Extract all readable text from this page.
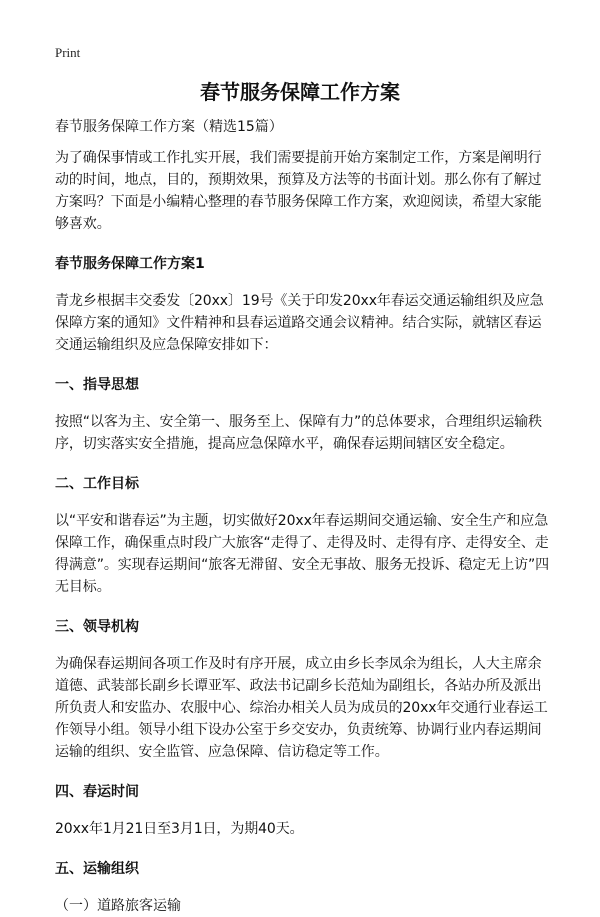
Print
春节服务保障工作方案

春节服务保障工作方案（精选15篇）

为了确保事情或工作扎实开展，我们需要提前开始方案制定工作，方案是阐明行动的时间，地点，目的，预期效果，预算及方法等的书面计划。那么你有了解过方案吗？下面是小编精心整理的春节服务保障工作方案，欢迎阅读，希望大家能够喜欢。

春节服务保障工作方案1

青龙乡根据丰交委发〔20xx〕19号《关于印发20xx年春运交通运输组织及应急保障方案的通知》文件精神和县春运道路交通会议精神。结合实际，就辖区春运交通运输组织及应急保障安排如下：

一、指导思想

按照“以客为主、安全第一、服务至上、保障有力”的总体要求，合理组织运输秩序，切实落实安全措施，提高应急保障水平，确保春运期间辖区安全稳定。

二、工作目标

以“平安和谐春运”为主题，切实做好20xx年春运期间交通运输、安全生产和应急保障工作，确保重点时段广大旅客“走得了、走得及时、走得有序、走得安全、走得满意”。实现春运期间“旅客无滞留、安全无事故、服务无投诉、稳定无上访”四无目标。

三、领导机构

为确保春运期间各项工作及时有序开展，成立由乡长李凤余为组长，人大主席余道德、武装部长副乡长谭亚军、政法书记副乡长范灿为副组长，各站办所及派出所负责人和安监办、农服中心、综治办相关人员为成员的20xx年交通行业春运工作领导小组。领导小组下设办公室于乡交安办，负责统筹、协调行业内春运期间运输的组织、安全监管、应急保障、信访稳定等工作。

四、春运时间

20xx年1月21日至3月1日，为期40天。

五、运输组织

（一）道路旅客运输
